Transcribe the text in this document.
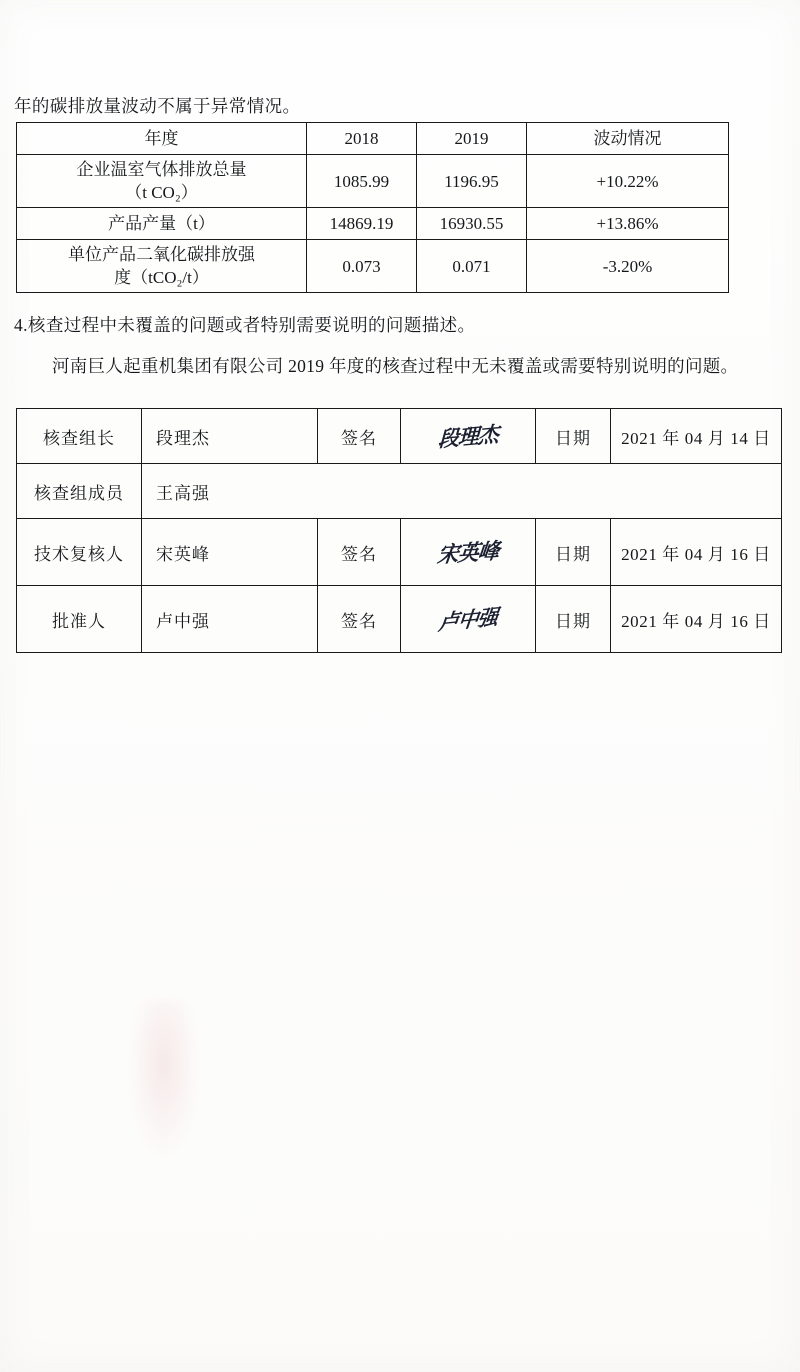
年的碳排放量波动不属于异常情况。
年度	2018	2019	波动情况

企业温室气体排放总量
（t CO₂）	1085.99	1196.95	+10.22%
产品产量（t）	14869.19	16930.55	+13.86%

单位产品二氧化碳排放强
度（tCO₂/t）	0.073	0.071	-3.20%
4.核查过程中未覆盖的问题或者特别需要说明的问题描述。
河南巨人起重机集团有限公司 2019 年度的核查过程中无未覆盖或需要特别说明的问题。
核查组长	段理杰	签名	段理杰	日期	2021 年 04 月 14 日
核查组成员	王高强				
技术复核人	宋英峰	签名	宋英峰	日期	2021 年 04 月 16 日
批准人	卢中强	签名	卢中强	日期	2021 年 04 月 16 日
